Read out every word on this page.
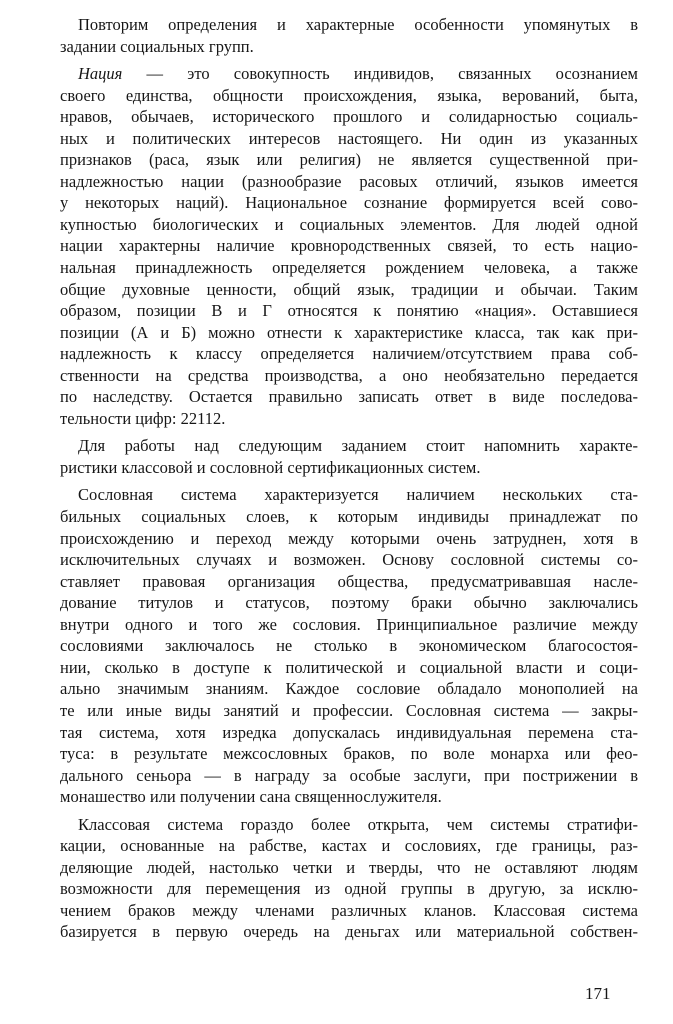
Повторим определения и характерные особенности упомянутых в
задании социальных групп.
Нация — это совокупность индивидов, связанных осознанием
своего единства, общности происхождения, языка, верований, быта,
нравов, обычаев, исторического прошлого и солидарностью социаль-
ных и политических интересов настоящего. Ни один из указанных
признаков (раса, язык или религия) не является существенной при-
надлежностью нации (разнообразие расовых отличий, языков имеется
у некоторых наций). Национальное сознание формируется всей сово-
купностью биологических и социальных элементов. Для людей одной
нации характерны наличие кровнородственных связей, то есть нацио-
нальная принадлежность определяется рождением человека, а также
общие духовные ценности, общий язык, традиции и обычаи. Таким
образом, позиции В и Г относятся к понятию «нация». Оставшиеся
позиции (А и Б) можно отнести к характеристике класса, так как при-
надлежность к классу определяется наличием/отсутствием права соб-
ственности на средства производства, а оно необязательно передается
по наследству. Остается правильно записать ответ в виде последова-
тельности цифр: 22112.
Для работы над следующим заданием стоит напомнить характе-
ристики классовой и сословной сертификационных систем.
Сословная система характеризуется наличием нескольких ста-
бильных социальных слоев, к которым индивиды принадлежат по
происхождению и переход между которыми очень затруднен, хотя в
исключительных случаях и возможен. Основу сословной системы со-
ставляет правовая организация общества, предусматривавшая насле-
дование титулов и статусов, поэтому браки обычно заключались
внутри одного и того же сословия. Принципиальное различие между
сословиями заключалось не столько в экономическом благосостоя-
нии, сколько в доступе к политической и социальной власти и соци-
ально значимым знаниям. Каждое сословие обладало монополией на
те или иные виды занятий и профессии. Сословная система — закры-
тая система, хотя изредка допускалась индивидуальная перемена ста-
туса: в результате межсословных браков, по воле монарха или фео-
дального сеньора — в награду за особые заслуги, при пострижении в
монашество или получении сана священнослужителя.
Классовая система гораздо более открыта, чем системы стратифи-
кации, основанные на рабстве, кастах и сословиях, где границы, раз-
деляющие людей, настолько четки и тверды, что не оставляют людям
возможности для перемещения из одной группы в другую, за исклю-
чением браков между членами различных кланов. Классовая система
базируется в первую очередь на деньгах или материальной собствен-
171
